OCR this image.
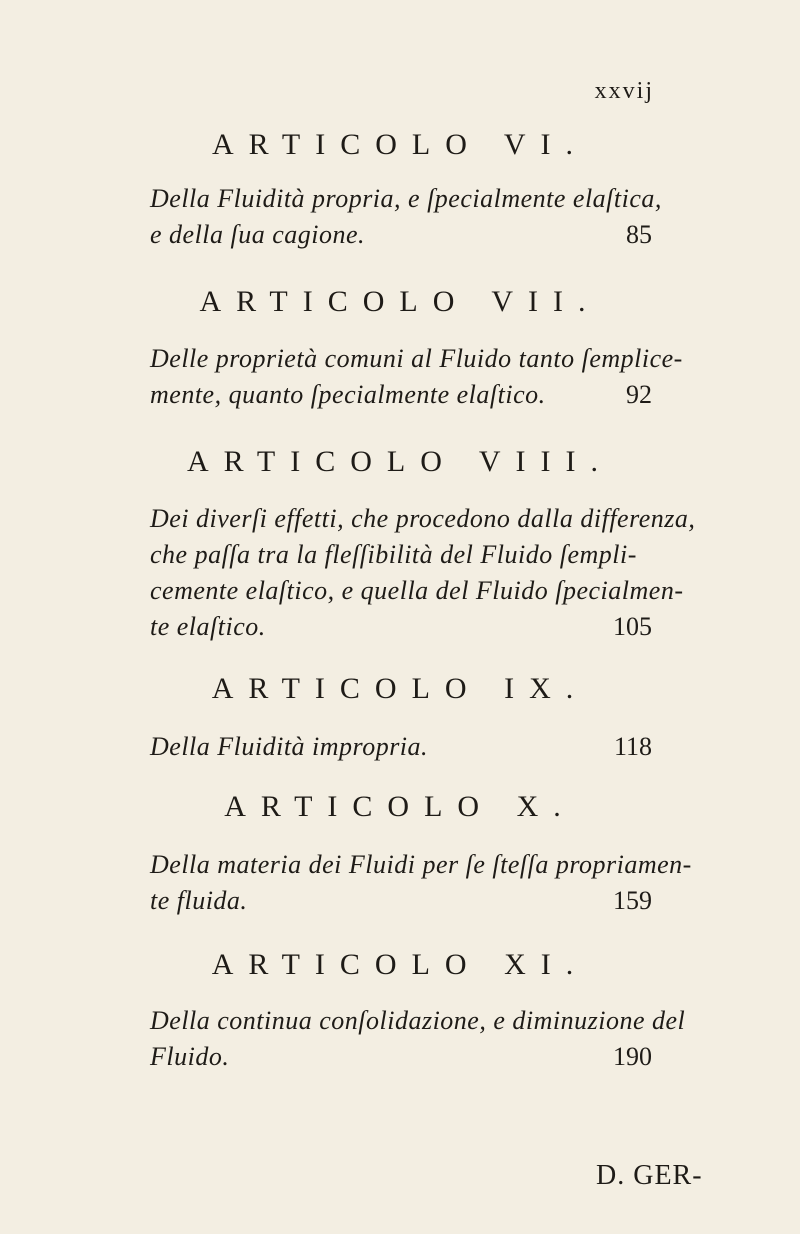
xxvij
ARTICOLO VI.
Della Fluidità propria, e ſpecialmente elaſtica,
e della ſua cagione.	85
ARTICOLO VII.
Delle proprietà comuni al Fluido tanto ſemplice-
mente, quanto ſpecialmente elaſtico.	92
ARTICOLO VIII.
Dei diverſi effetti, che procedono dalla differenza,
che paſſa tra la fleſſibilità del Fluido ſempli-
cemente elaſtico, e quella del Fluido ſpecialmen-
te elaſtico.	105
ARTICOLO IX.
Della Fluidità impropria.	118
ARTICOLO X.
Della materia dei Fluidi per ſe ſteſſa propriamen-
te fluida.	159
ARTICOLO XI.
Della continua conſolidazione, e diminuzione del
Fluido.	190
D. GER-
